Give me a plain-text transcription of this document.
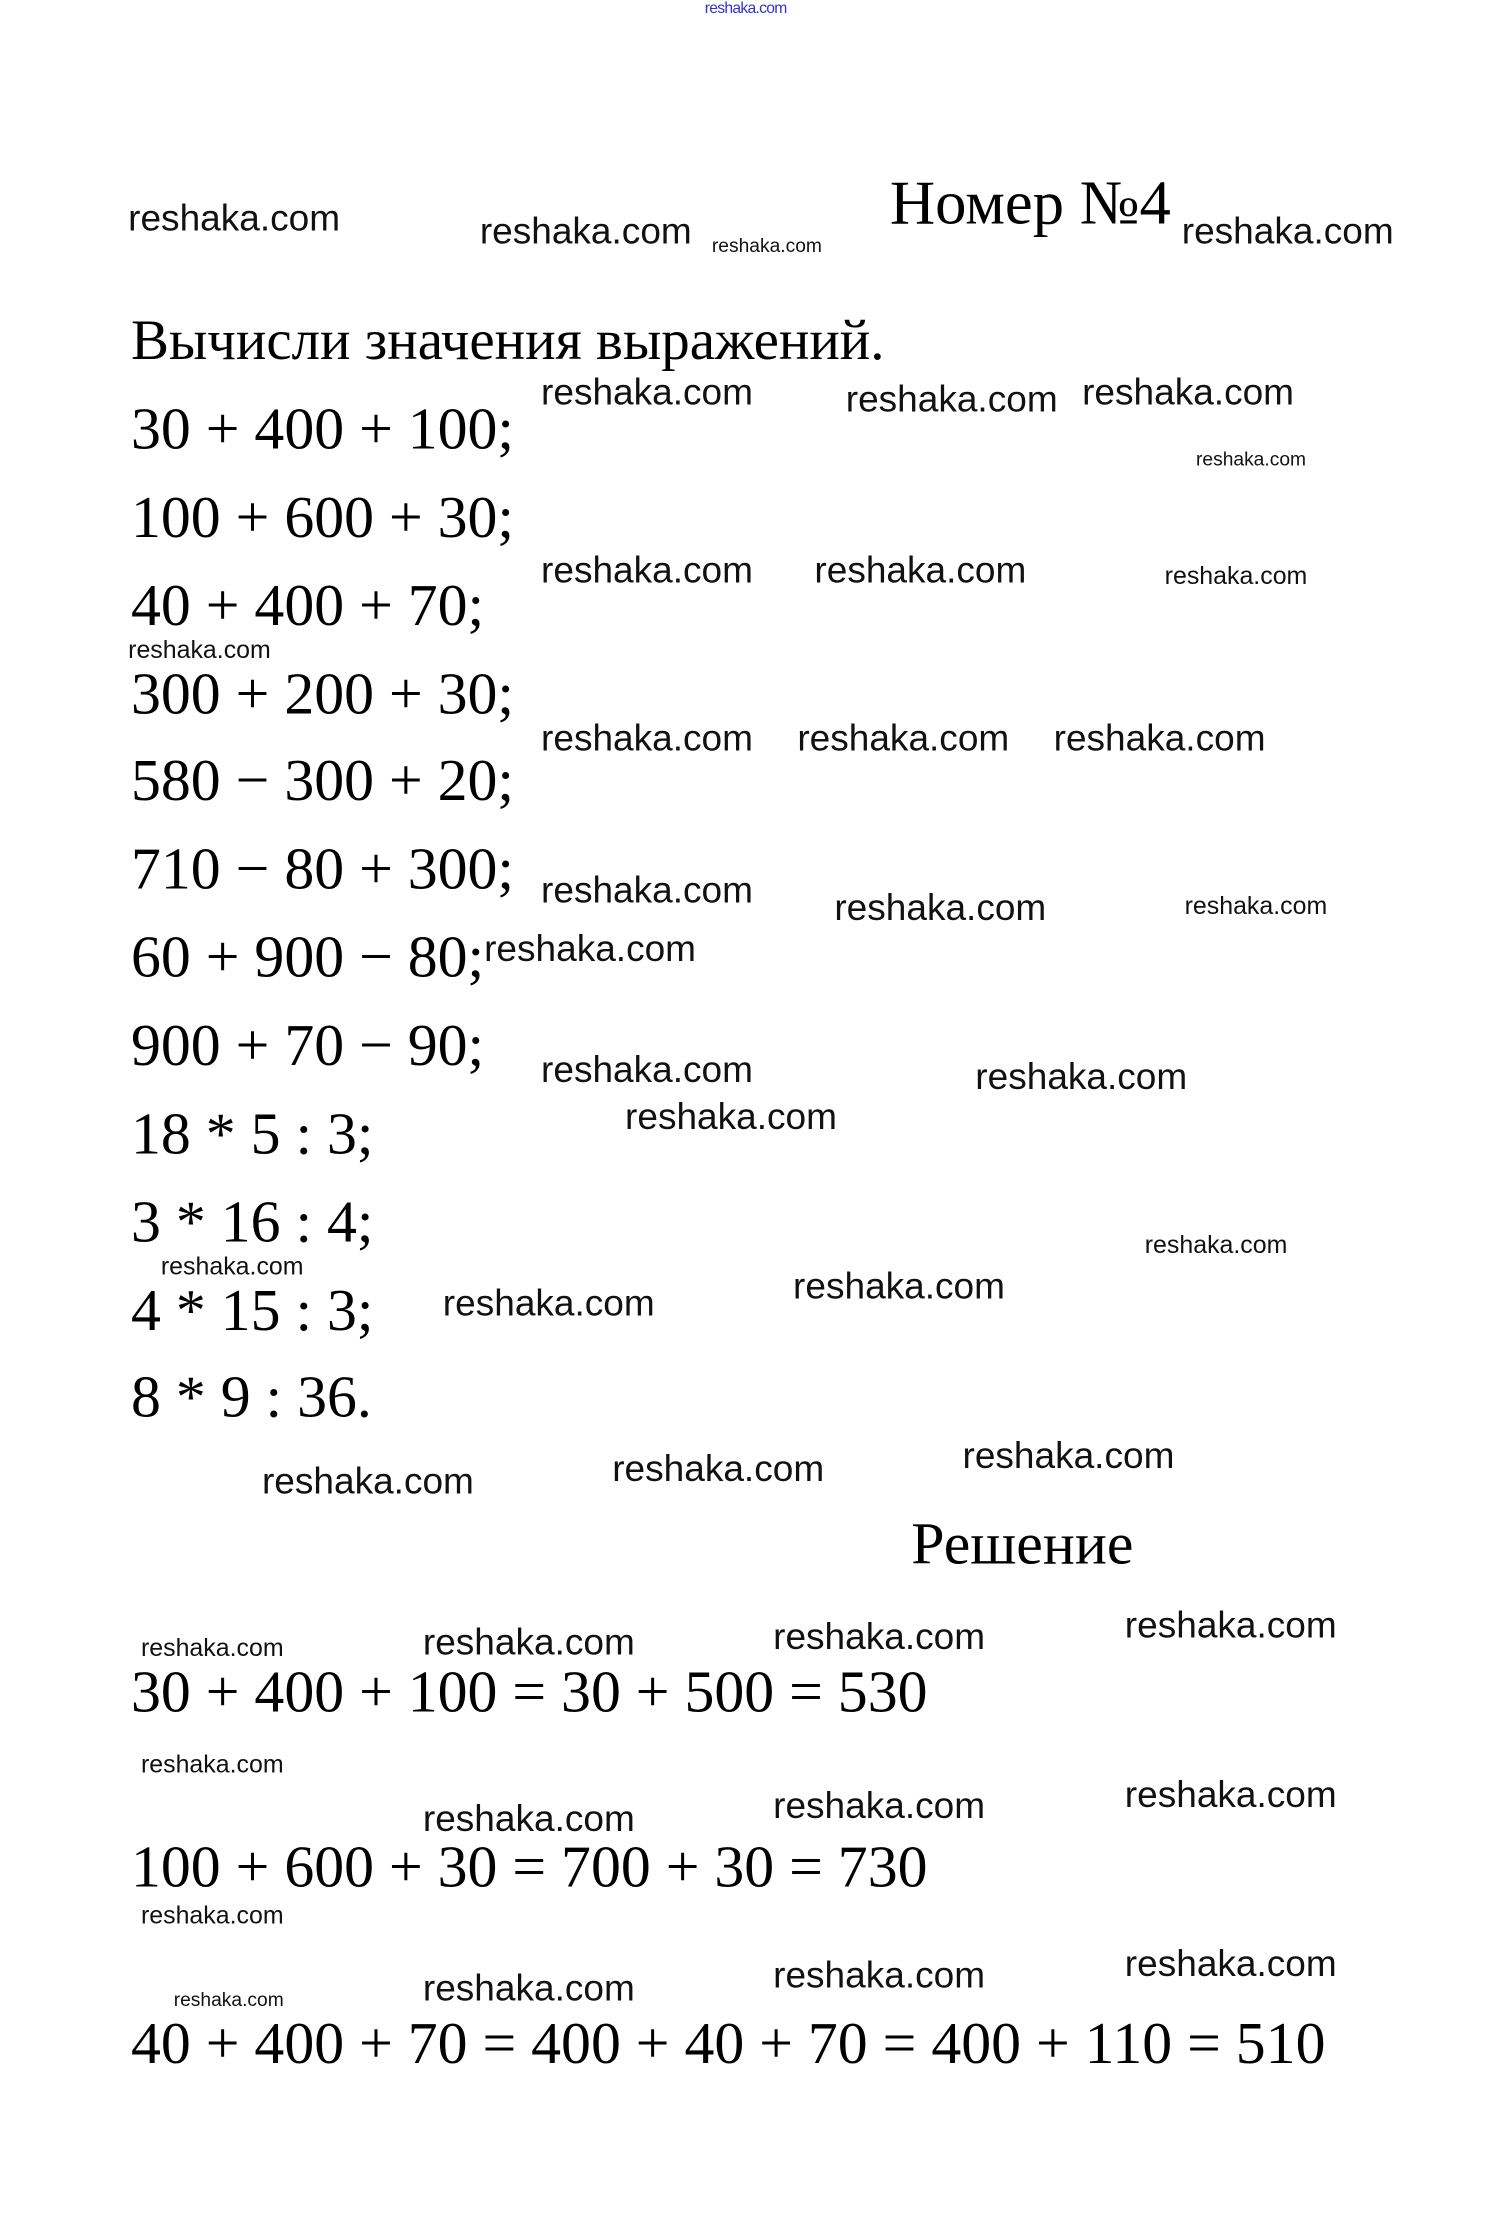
reshaka.com
Номер №4
Вычисли значения выражений.
30 + 400 + 100;
100 + 600 + 30;
40 + 400 + 70;
300 + 200 + 30;
580 − 300 + 20;
710 − 80 + 300;
60 + 900 − 80;
900 + 70 − 90;
18 * 5 : 3;
3 * 16 : 4;
4 * 15 : 3;
8 * 9 : 36.
Решение
30 + 400 + 100 = 30 + 500 = 530
100 + 600 + 30 = 700 + 30 = 730
40 + 400 + 70 = 400 + 40 + 70 = 400 + 110 = 510
reshaka.com	reshaka.com reshaka.com	reshaka.com
reshaka.com	reshaka.com
reshaka.com
reshaka.com
reshaka.com
reshaka.com reshaka.com	reshaka.com
reshaka.com reshaka.com reshaka.com
reshaka.com	reshaka.com	reshaka.com
reshaka.com
reshaka.com	reshaka.com
reshaka.com
reshaka.com
reshaka.com
reshaka.com	reshaka.com
reshaka.com	reshaka.com	reshaka.com
reshaka.com	reshaka.com	reshaka.com	reshaka.com
reshaka.com
reshaka.com	reshaka.com	reshaka.com
reshaka.com
reshaka.com	reshaka.com	reshaka.com	reshaka.com
